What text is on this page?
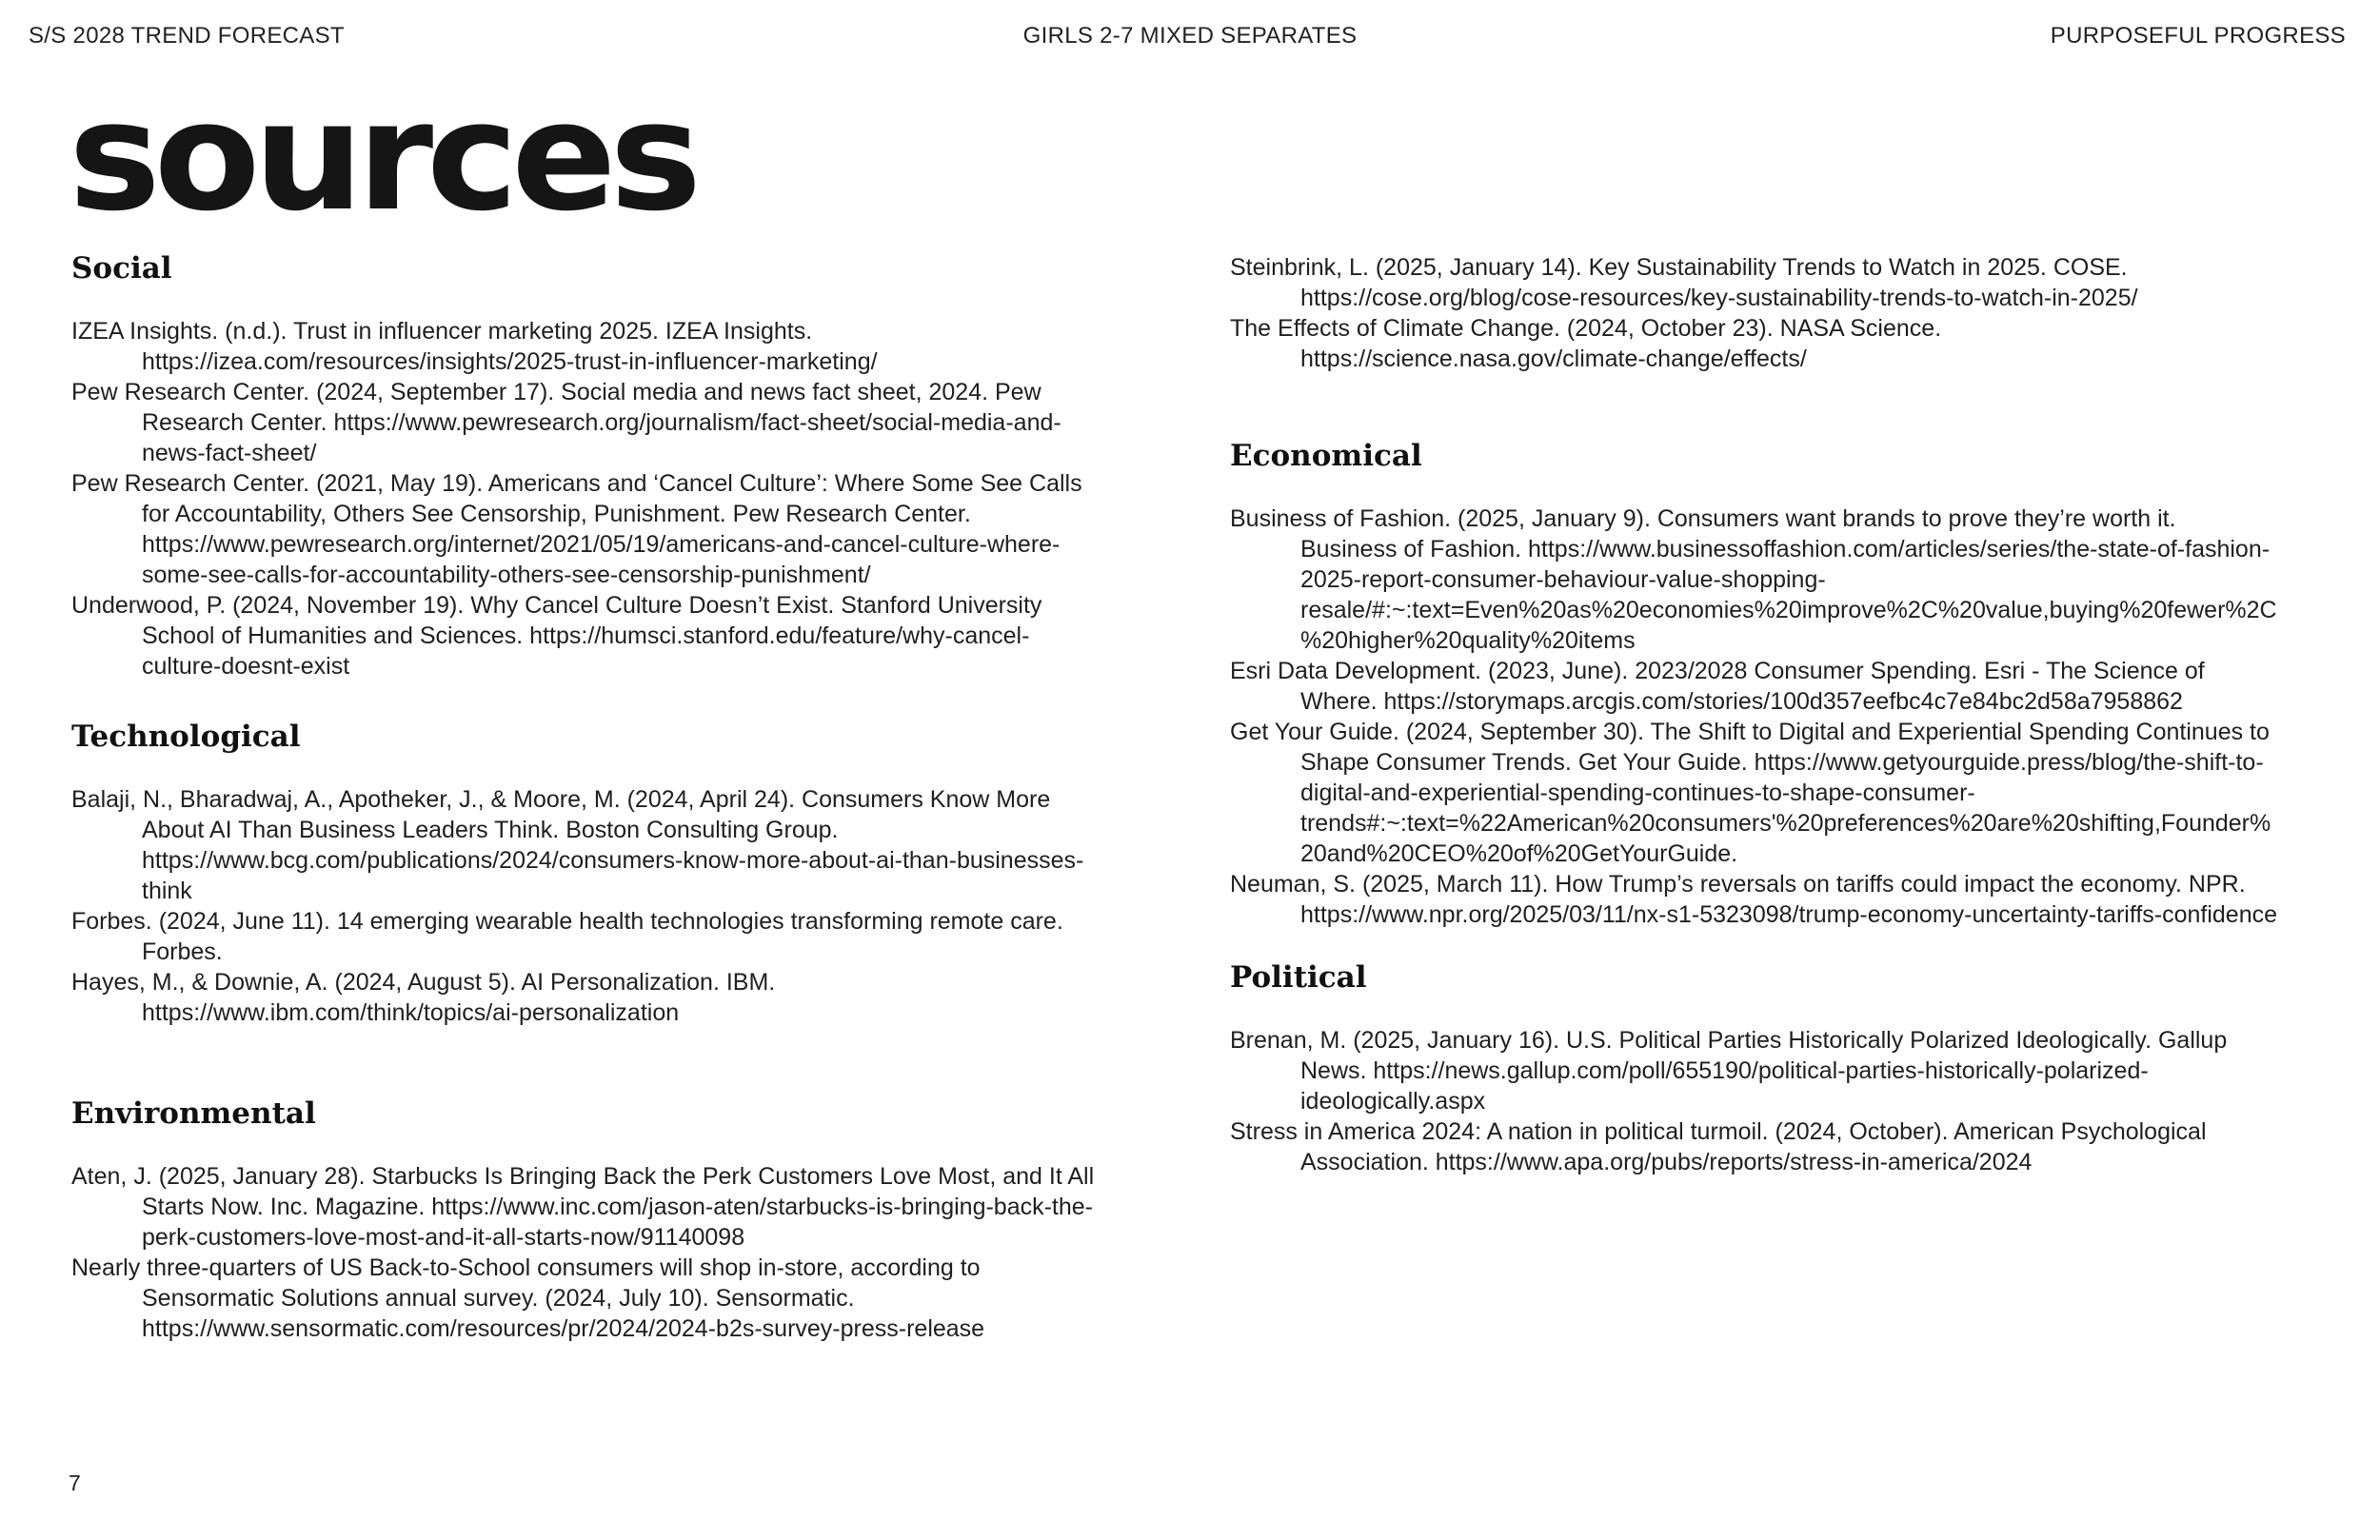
S/S 2028 TREND FORECAST	GIRLS 2-7 MIXED SEPARATES	PURPOSEFUL PROGRESS
sources
Social
IZEA Insights. (n.d.). Trust in influencer marketing 2025. IZEA Insights. https://izea.com/resources/insights/2025-trust-in-influencer-marketing/
Pew Research Center. (2024, September 17). Social media and news fact sheet, 2024. Pew Research Center. https://www.pewresearch.org/journalism/fact-sheet/social-media-and-news-fact-sheet/
Pew Research Center. (2021, May 19). Americans and ‘Cancel Culture’: Where Some See Calls for Accountability, Others See Censorship, Punishment. Pew Research Center. https://www.pewresearch.org/internet/2021/05/19/americans-and-cancel-culture-where-some-see-calls-for-accountability-others-see-censorship-punishment/
Underwood, P. (2024, November 19). Why Cancel Culture Doesn’t Exist. Stanford University School of Humanities and Sciences. https://humsci.stanford.edu/feature/why-cancel-culture-doesnt-exist
Technological
Balaji, N., Bharadwaj, A., Apotheker, J., & Moore, M. (2024, April 24). Consumers Know More About AI Than Business Leaders Think. Boston Consulting Group. https://www.bcg.com/publications/2024/consumers-know-more-about-ai-than-businesses-think
Forbes. (2024, June 11). 14 emerging wearable health technologies transforming remote care. Forbes.
Hayes, M., & Downie, A. (2024, August 5). AI Personalization. IBM. https://www.ibm.com/think/topics/ai-personalization
Environmental
Aten, J. (2025, January 28). Starbucks Is Bringing Back the Perk Customers Love Most, and It All Starts Now. Inc. Magazine. https://www.inc.com/jason-aten/starbucks-is-bringing-back-the-perk-customers-love-most-and-it-all-starts-now/91140098
Nearly three-quarters of US Back-to-School consumers will shop in-store, according to Sensormatic Solutions annual survey. (2024, July 10). Sensormatic. https://www.sensormatic.com/resources/pr/2024/2024-b2s-survey-press-release
Steinbrink, L. (2025, January 14). Key Sustainability Trends to Watch in 2025. COSE. https://cose.org/blog/cose-resources/key-sustainability-trends-to-watch-in-2025/
The Effects of Climate Change. (2024, October 23). NASA Science. https://science.nasa.gov/climate-change/effects/
Economical
Business of Fashion. (2025, January 9). Consumers want brands to prove they’re worth it. Business of Fashion. https://www.businessoffashion.com/articles/series/the-state-of-fashion-2025-report-consumer-behaviour-value-shopping-resale/#:~:text=Even%20as%20economies%20improve%2C%20value,buying%20fewer%2C%20higher%20quality%20items
Esri Data Development. (2023, June). 2023/2028 Consumer Spending. Esri - The Science of Where. https://storymaps.arcgis.com/stories/100d357eefbc4c7e84bc2d58a7958862
Get Your Guide. (2024, September 30). The Shift to Digital and Experiential Spending Continues to Shape Consumer Trends. Get Your Guide. https://www.getyourguide.press/blog/the-shift-to-digital-and-experiential-spending-continues-to-shape-consumer-trends#:~:text=%22American%20consumers'%20preferences%20are%20shifting,Founder%20and%20CEO%20of%20GetYourGuide.
Neuman, S. (2025, March 11). How Trump’s reversals on tariffs could impact the economy. NPR. https://www.npr.org/2025/03/11/nx-s1-5323098/trump-economy-uncertainty-tariffs-confidence
Political
Brenan, M. (2025, January 16). U.S. Political Parties Historically Polarized Ideologically. Gallup News. https://news.gallup.com/poll/655190/political-parties-historically-polarized-ideologically.aspx
Stress in America 2024: A nation in political turmoil. (2024, October). American Psychological Association. https://www.apa.org/pubs/reports/stress-in-america/2024
7
